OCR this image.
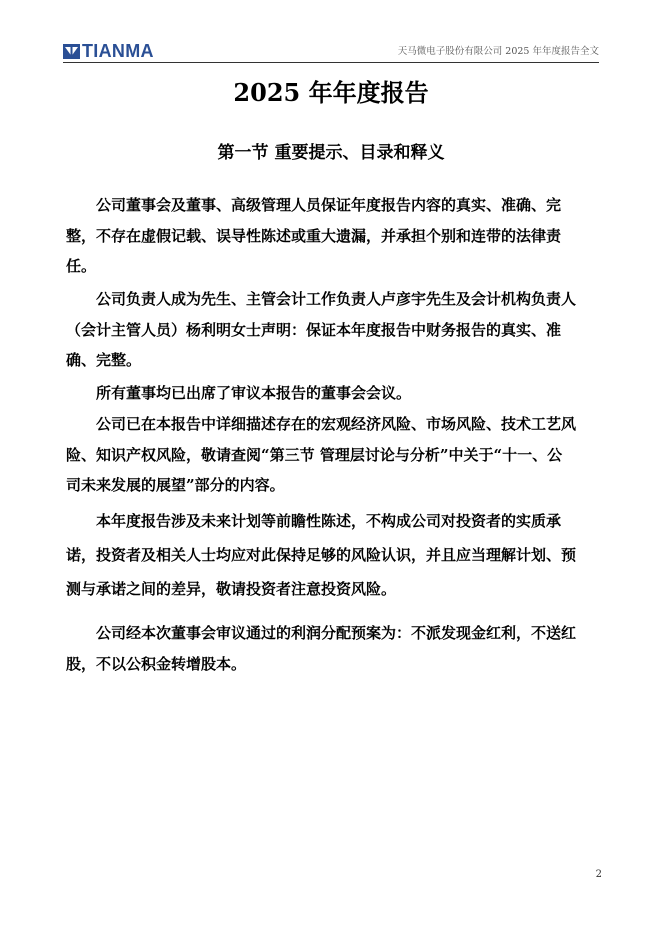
TIANMA	天马微电子股份有限公司 2025 年年度报告全文
2025 年年度报告
第一节 重要提示、目录和释义
　　公司董事会及董事、高级管理人员保证年度报告内容的真实、准确、完
整，不存在虚假记载、误导性陈述或重大遗漏，并承担个别和连带的法律责
任。
　　公司负责人成为先生、主管会计工作负责人卢彦宇先生及会计机构负责人
（会计主管人员）杨利明女士声明：保证本年度报告中财务报告的真实、准
确、完整。
　　所有董事均已出席了审议本报告的董事会会议。
　　公司已在本报告中详细描述存在的宏观经济风险、市场风险、技术工艺风
险、知识产权风险，敬请查阅“第三节 管理层讨论与分析”中关于“十一、公
司未来发展的展望”部分的内容。
　　本年度报告涉及未来计划等前瞻性陈述，不构成公司对投资者的实质承
诺，投资者及相关人士均应对此保持足够的风险认识，并且应当理解计划、预
测与承诺之间的差异，敬请投资者注意投资风险。
　　公司经本次董事会审议通过的利润分配预案为：不派发现金红利，不送红
股，不以公积金转增股本。
2
